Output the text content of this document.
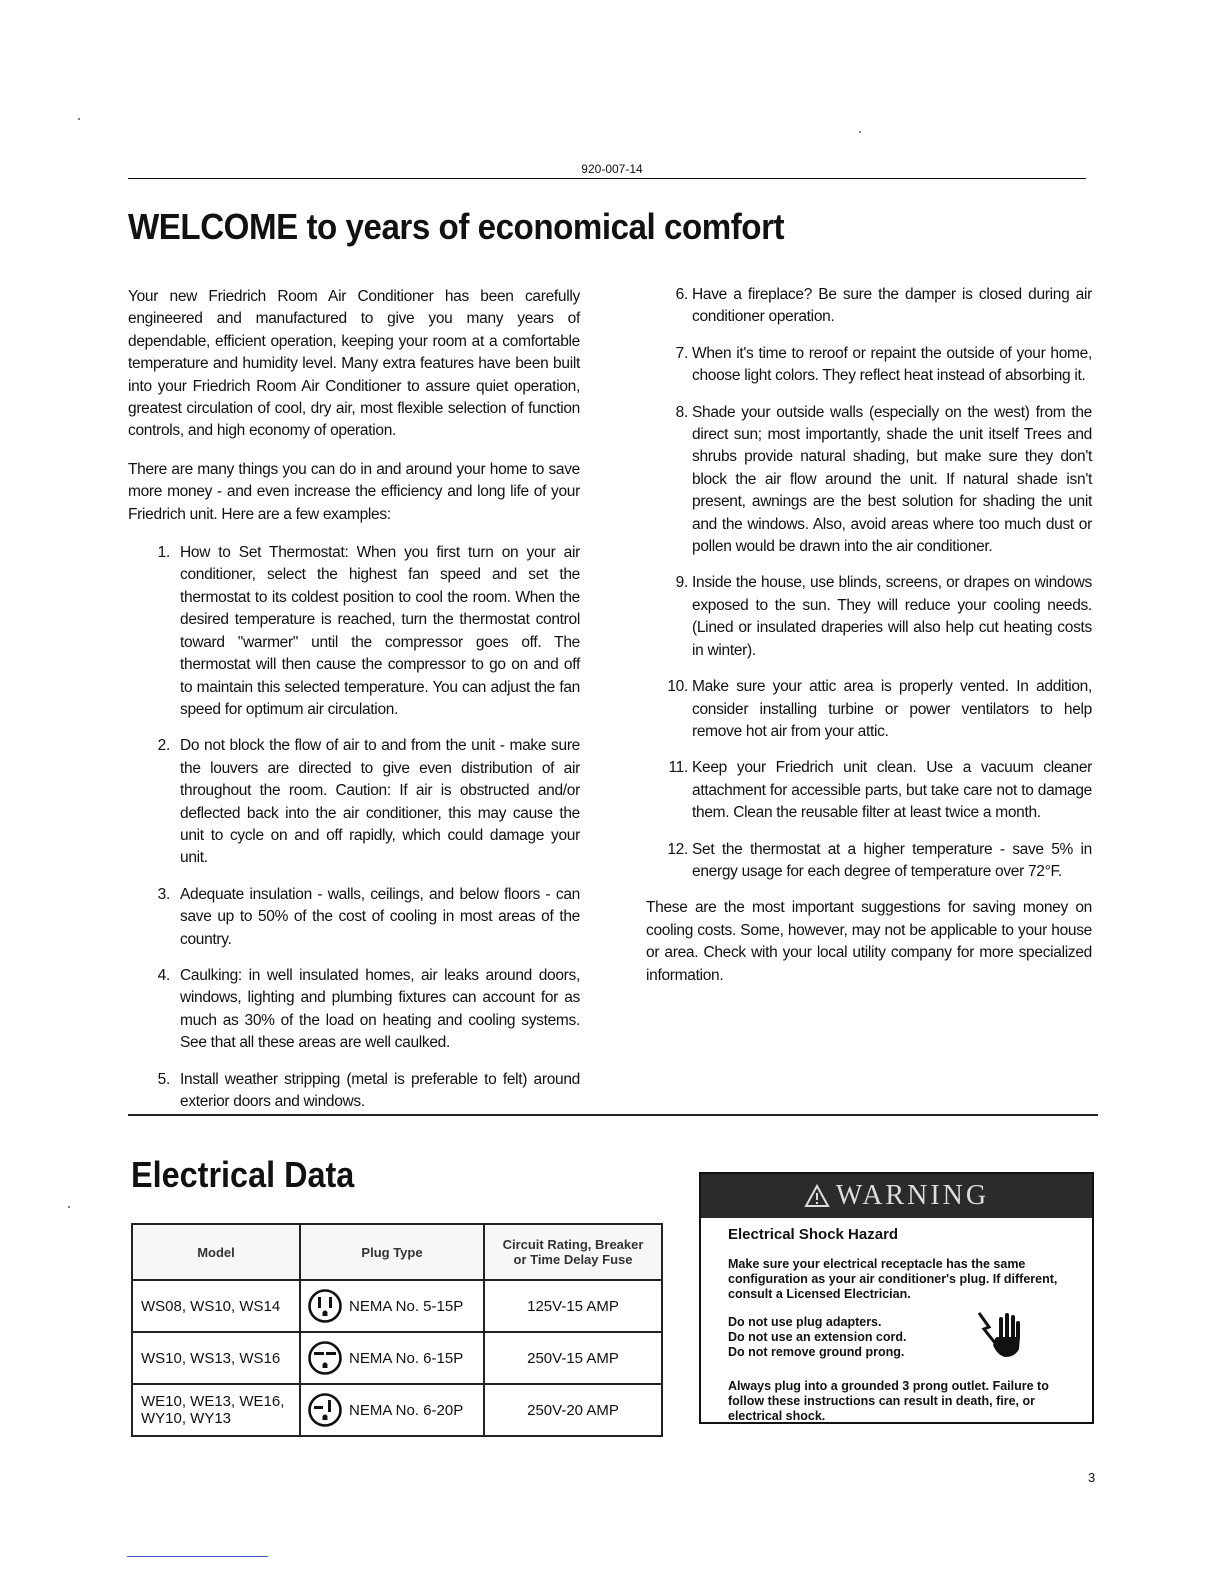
920-007-14
WELCOME to years of economical comfort

Your new Friedrich Room Air Conditioner has been carefully engineered and manufactured to give you many years of dependable, efficient operation, keeping your room at a comfortable temperature and humidity level. Many extra features have been built into your Friedrich Room Air Conditioner to assure quiet operation, greatest circulation of cool, dry air, most flexible selection of function controls, and high economy of operation.

There are many things you can do in and around your home to save more money - and even increase the efficiency and long life of your Friedrich unit. Here are a few examples:

1. How to Set Thermostat: When you first turn on your air conditioner, select the highest fan speed and set the thermostat to its coldest position to cool the room. When the desired temperature is reached, turn the thermostat control toward "warmer" until the compressor goes off. The thermostat will then cause the compressor to go on and off to maintain this selected temperature. You can adjust the fan speed for optimum air circulation.
2. Do not block the flow of air to and from the unit - make sure the louvers are directed to give even distribution of air throughout the room. Caution: If air is obstructed and/or deflected back into the air conditioner, this may cause the unit to cycle on and off rapidly, which could damage your unit.
3. Adequate insulation - walls, ceilings, and below floors - can save up to 50% of the cost of cooling in most areas of the country.
4. Caulking: in well insulated homes, air leaks around doors, windows, lighting and plumbing fixtures can account for as much as 30% of the load on heating and cooling systems. See that all these areas are well caulked.
5. Install weather stripping (metal is preferable to felt) around exterior doors and windows.
6. Have a fireplace? Be sure the damper is closed during air conditioner operation.
7. When it's time to reroof or repaint the outside of your home, choose light colors. They reflect heat instead of absorbing it.
8. Shade your outside walls (especially on the west) from the direct sun; most importantly, shade the unit itself Trees and shrubs provide natural shading, but make sure they don't block the air flow around the unit. If natural shade isn't present, awnings are the best solution for shading the unit and the windows. Also, avoid areas where too much dust or pollen would be drawn into the air conditioner.
9. Inside the house, use blinds, screens, or drapes on windows exposed to the sun. They will reduce your cooling needs. (Lined or insulated draperies will also help cut heating costs in winter).
10. Make sure your attic area is properly vented. In addition, consider installing turbine or power ventilators to help remove hot air from your attic.
11. Keep your Friedrich unit clean. Use a vacuum cleaner attachment for accessible parts, but take care not to damage them. Clean the reusable filter at least twice a month.
12. Set the thermostat at a higher temperature - save 5% in energy usage for each degree of temperature over 72°F.

These are the most important suggestions for saving money on cooling costs. Some, however, may not be applicable to your house or area. Check with your local utility company for more specialized information.

Electrical Data
Model	Plug Type	Circuit Rating, Breaker
or Time Delay Fuse

WS08, WS10, WS14	NEMA No. 5-15P	125V-15 AMP
WS10, WS13, WS16	NEMA No. 6-15P	250V-15 AMP
WE10, WE13, WE16, WY10, WY13	NEMA No. 6-20P	250V-20 AMP
WARNING
Electrical Shock Hazard
Make sure your electrical receptacle has the same configuration as your air conditioner's plug. If different, consult a Licensed Electrician.
Do not use plug adapters.
Do not use an extension cord.
Do not remove ground prong.
Always plug into a grounded 3 prong outlet. Failure to follow these instructions can result in death, fire, or electrical shock.
3
